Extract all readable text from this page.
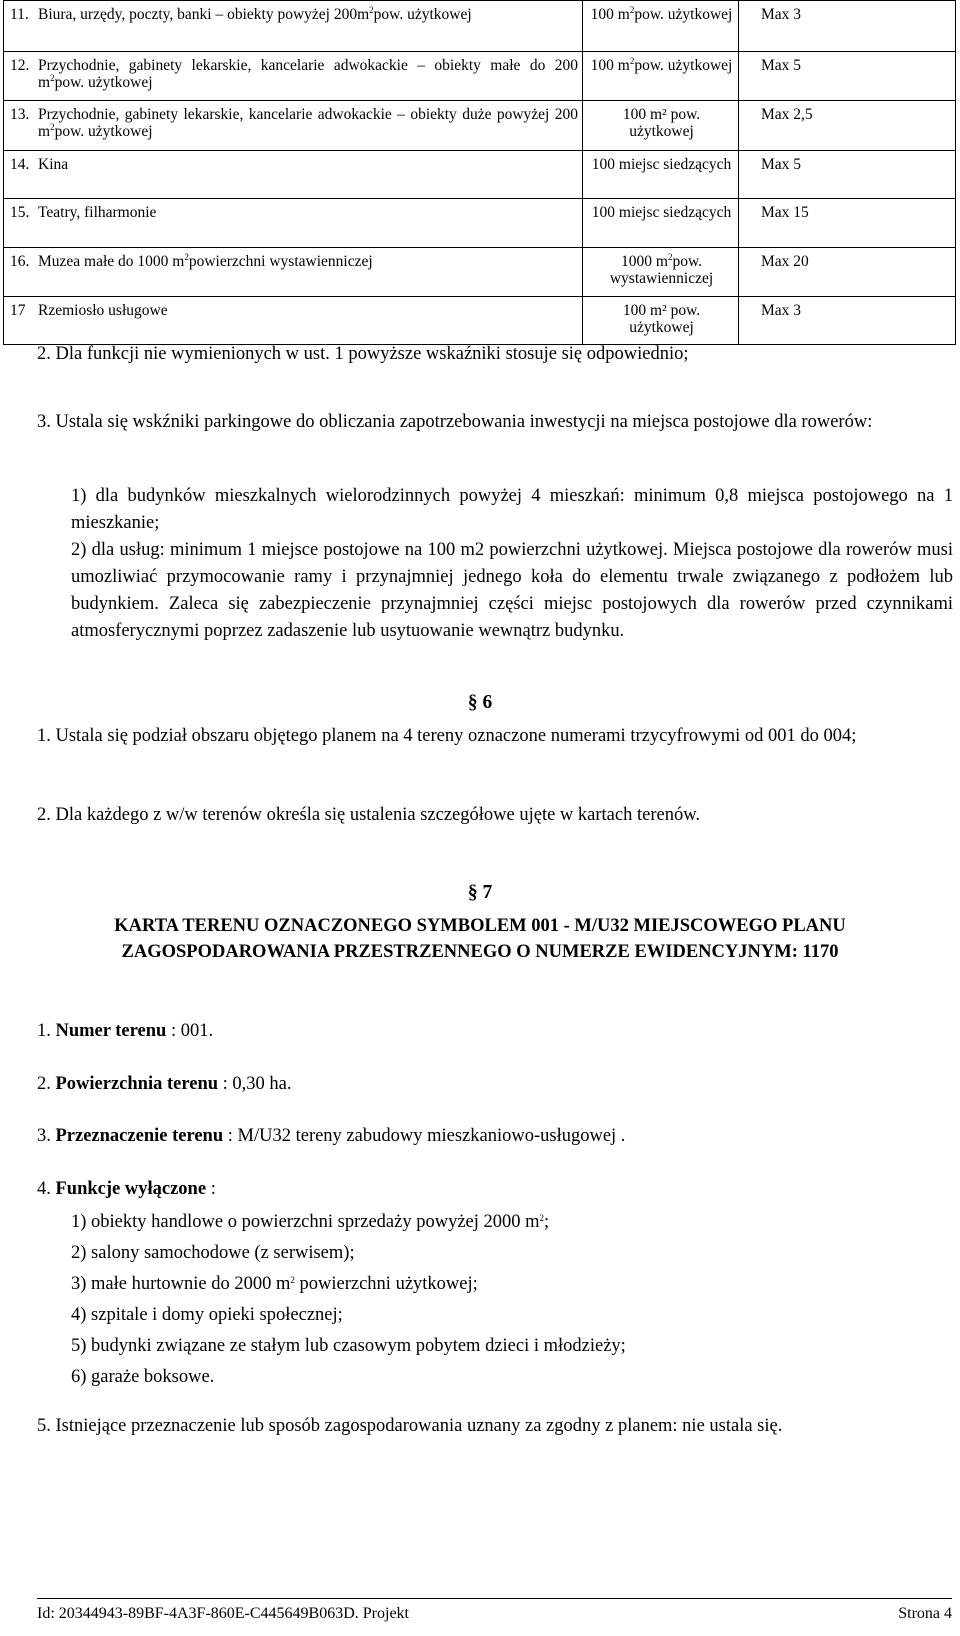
11. Biura, urzędy, poczty, banki – obiekty powyżej $200m^2pow$. użytkowej	100 $m^2pow$. użytkowej	Max 3

12. Przychodnie, gabinety lekarskie, kancelarie adwokackie – obiekty małe do 200 $m^2pow$. użytkowej	100 $m^2pow$. użytkowej	Max 5

13. Przychodnie, gabinety lekarskie, kancelarie adwokackie – obiekty duże powyżej 200 $m^2pow$. użytkowej	100 m² pow. użytkowej	Max 2,5

14. Kina	100 miejsc siedzących	Max 5

15. Teatry, filharmonie	100 miejsc siedzących	Max 15

16. Muzea małe do 1000 $m^2powierzchni$ wystawienniczej	1000 $m^2pow$. wystawienniczej	Max 20

17 Rzemiosło usługowe	100 m² pow. użytkowej	Max 3

2. Dla funkcji nie wymienionych w ust. 1 powyższe wskaźniki stosuje się odpowiednio;

3. Ustala się wskźniki parkingowe do obliczania zapotrzebowania inwestycji na miejsca postojowe dla rowerów:

1) dla budynków mieszkalnych wielorodzinnych powyżej 4 mieszkań: minimum 0,8 miejsca postojowego na 1 mieszkanie;

2) dla usług: minimum 1 miejsce postojowe na 100 m2 powierzchni użytkowej. Miejsca postojowe dla rowerów musi umozliwiać przymocowanie ramy i przynajmniej jednego koła do elementu trwale związanego z podłożem lub budynkiem. Zaleca się zabezpieczenie przynajmniej części miejsc postojowych dla rowerów przed czynnikami atmosferycznymi poprzez zadaszenie lub usytuowanie wewnątrz budynku.

§ 6

1. Ustala się podział obszaru objętego planem na 4 tereny oznaczone numerami trzycyfrowymi od 001 do 004;

2. Dla każdego z w/w terenów określa się ustalenia szczegółowe ujęte w kartach terenów.

§ 7
KARTA TERENU OZNACZONEGO SYMBOLEM 001 - M/U32 MIEJSCOWEGO PLANU
ZAGOSPODAROWANIA PRZESTRZENNEGO O NUMERZE EWIDENCYJNYM: 1170

1. Numer terenu : 001.

2. Powierzchnia terenu : 0,30 ha.

3. Przeznaczenie terenu : M/U32 tereny zabudowy mieszkaniowo-usługowej .

4. Funkcje wyłączone :

1) obiekty handlowe o powierzchni sprzedaży powyżej 2000 $m^2$;

2) salony samochodowe (z serwisem);

3) małe hurtownie do 2000 $m^2$ powierzchni użytkowej;

4) szpitale i domy opieki społecznej;

5) budynki związane ze stałym lub czasowym pobytem dzieci i młodzieży;

6) garaże boksowe.

5. Istniejące przeznaczenie lub sposób zagospodarowania uznany za zgodny z planem: nie ustala się.

Id: 20344943-89BF-4A3F-860E-C445649B063D. Projekt	Strona 4
